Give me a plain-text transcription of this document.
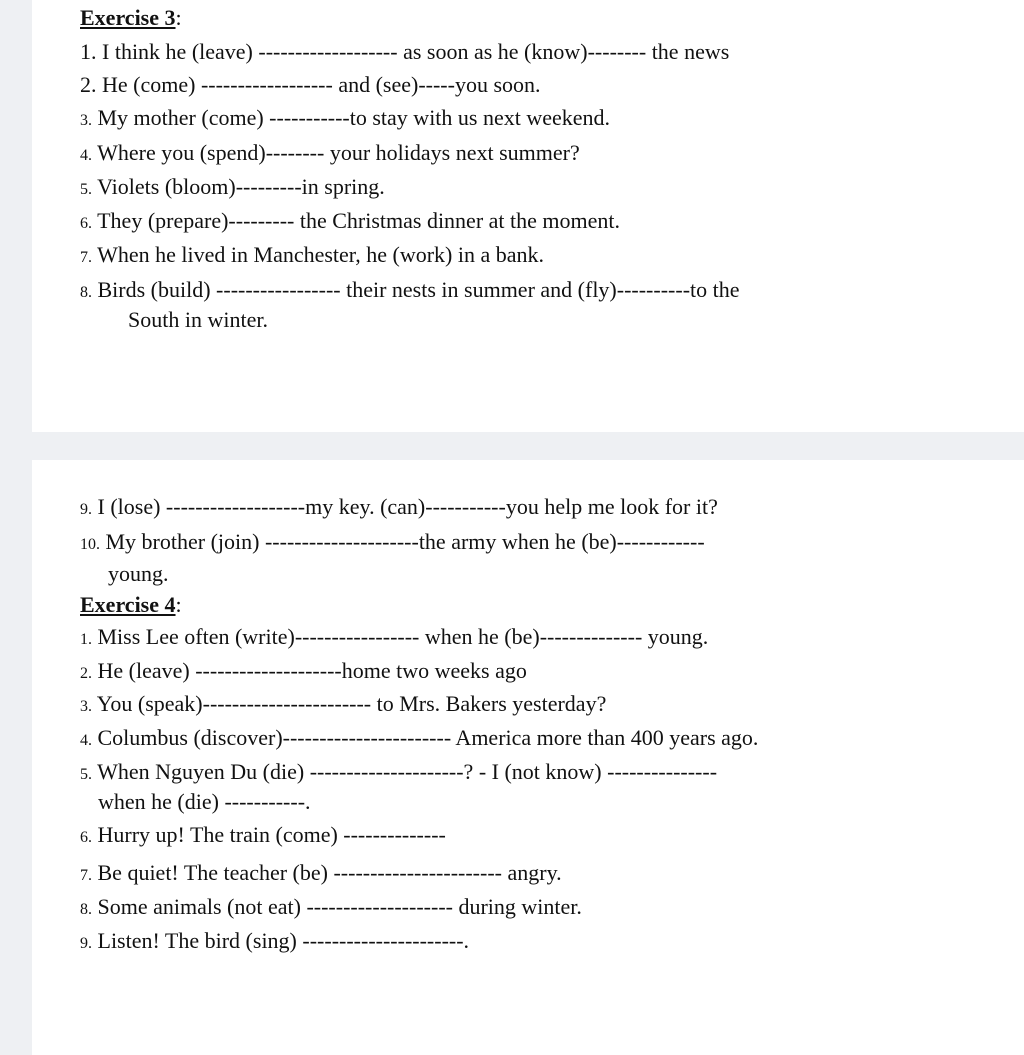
Exercise 3:
1. I think he (leave) ------------------- as soon as he (know)-------- the news
2. He (come) ------------------ and (see)-----you soon.
3. My mother (come) -----------to stay with us next weekend.
4. Where you (spend)-------- your holidays next summer?
5. Violets (bloom)---------in spring.
6. They (prepare)--------- the Christmas dinner at the moment.
7. When he lived in Manchester, he (work) in a bank.
8. Birds (build) ----------------- their nests in summer and (fly)----------to the
South in winter.
9. I (lose) -------------------my key. (can)-----------you help me look for it?
10. My brother (join) ---------------------the army when he (be)------------
young.
Exercise 4:
1. Miss Lee often (write)----------------- when he (be)-------------- young.
2. He (leave) --------------------home two weeks ago
3. You (speak)----------------------- to Mrs. Bakers yesterday?
4. Columbus (discover)----------------------- America more than 400 years ago.
5. When Nguyen Du (die) ---------------------? - I (not know) ---------------
when he (die) -----------.
6. Hurry up! The train (come) --------------
7. Be quiet! The teacher (be) ----------------------- angry.
8. Some animals (not eat) -------------------- during winter.
9. Listen! The bird (sing) ----------------------.
